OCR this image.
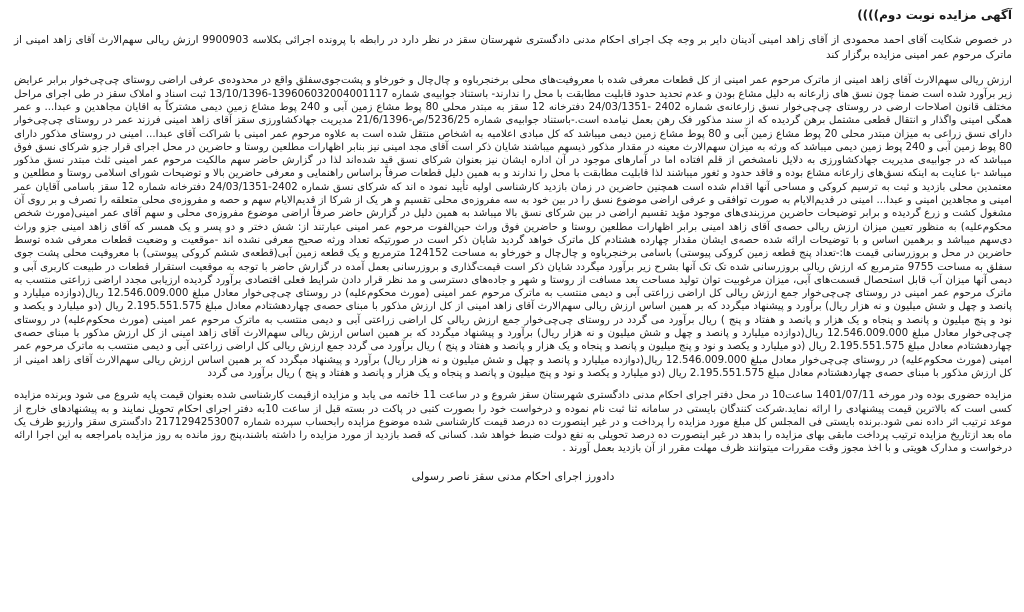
آگهی مزایده نوبت دوم))))

در خصوص شکایت آقای احمد محمودی از آقای زاهد امینی آدینان دایر بر وجه چک اجرای احکام مدنی دادگستری شهرستان سقز در نظر دارد در رابطه با پرونده اجرائی بکلاسه 9900903 ارزش ریالی سهم‌الارث آقای زاهد امینی از ماترک مرحوم عمر امینی مزایده برگزار کند

ارزش ریالی سهم‌الارث آقای زاهد امینی از ماترک مرحوم عمر امینی از کل قطعات معرفی شده با معروفیت‌های محلی برخنجرباوه و چال‌چال و خورخاو و پشت‌جوی‌سفلق واقع در محدوده‌ی عرفی اراضی روستای چی‌چی‌خوار برابر عرایض زیر برآورد شده است ضمنا چون نسق های زارعانه به دلیل مشاع بودن و عدم تحدید حدود قابلیت مطابقت با محل را ندارند- باستناد جوابیه‌ی شماره 139606032004001117-13/10/1396 ثبت اسناد و املاک سقز در طی اجرای مراحل مختلف قانون اصلاحات ارضی در روستای چی‌چی‌خوار نسق زارعانه‌ی شماره 2402 -24/03/1351 دفترخانه 12 سقز به مبتدر محلی 80 پوط مشاع زمین آبی و 240 پوط مشاع زمین دیمی مشترکاً به اقایان مجاهدین و عبدا... و عمر همگی امینی واگذار و انتقال قطعی مشتمل برهن گردیده که از سند مذکور فک رهن بعمل نیامده است.-باستناد جوابیه‌ی شماره 5236/25/ص-21/6/1396 مدیریت جهادکشاورزی سقز آقای زاهد امینی فرزند عمر در روستای چی‌چی‌خوار دارای نسق زراعی به میزان مبتدر محلی 20 پوط مشاع زمین آبی و 80 پوط مشاع زمین دیمی میباشد که کل مبادی اعلامیه به اشخاص منتقل شده است به علاوه مرحوم عمر امینی با شراکت آقای عبدا... امینی در روستای مذکور دارای 80 پوط زمین آبی و 240 پوط زمین دیمی میباشد که ورثه به میزان سهم‌الارث معینه در مقدار مذکور ذیسهم میباشند شایان ذکر است آقای مجد امینی نیز بنابر اظهارات مطلعین روستا و حاضرین در محل اجرای قرار جزو شرکای نسق فوق میباشد که در جوابیه‌ی مدیریت جهادکشاورزی به دلایل نامشخص از قلم افتاده اما در آمارهای موجود در آن اداره ایشان نیز بعنوان شرکای نسق قید شده‌اند لذا در گزارش حاضر سهم مالکیت مرحوم عمر امینی ثلث مبتدر نسق مذکور میباشد -با عنایت به اینکه نسق‌های زارعانه مشاع بوده و فاقد حدود و ثغور میباشند لذا قابلیت مطابقت با محل را ندارند و به همین دلیل قطعات صرفاً براساس راهنمایی و معرفی حاضرین بالا و توضیحات شورای اسلامی روستا و مطلعین و معتمدین محلی بازدید و ثبت به ترسیم کروکی و مساحی آنها اقدام شده است همچنین حاضرین در زمان بازدید کارشناسی اولیه تأیید نمود ه اند که شرکای نسق شماره 2402-24/03/1351 دفترخانه شماره 12 سقز باسامی آقایان عمر امینی و مجاهدین امینی و عبدا... امینی در قدیم‌الایام به صورت توافقی و عرفی اراضی موضوع نسق را در بین خود به سه مفروزه‌ی محلی تقسیم و هر یک از شرکا از قدیم‌الایام سهم و حصه و مفروزه‌ی محلی متعلقه را تصرف و بر روی آن مشغول کشت و زرع گردیده و برابر توضیحات حاضرین مرزبندی‌های موجود مؤید تقسیم اراضی در بین شرکای نسق بالا میباشد به همین دلیل در گزارش حاضر صرفاً اراضی موضوع مفروزه‌ی محلی و سهم آقای عمر امینی(مورث شخص محکوم‌علیه) به منظور تعیین میزان ارزش ریالی حصه‌ی آقای زاهد امینی برابر اظهارات مطلعین روستا و حاضرین فوق وراث حین‌الفوت مرحوم عمر امینی عبارتند از: شش دختر و دو پسر و یک همسر که آقای زاهد امینی جزو وراث دی‌سهم میباشد و برهمین اساس و با توضیحات ارائه شده حصه‌ی ایشان مقدار چهارده هشتادم کل ماترک خواهد گردید شایان ذکر است در صورتیکه تعداد ورثه صحیح معرفی نشده اند -موقعیت و وضعیت قطعات معرفی شده توسط حاضرین در محل و بروزرسانی قیمت ها:-تعداد پنج قطعه زمین کروکی پیوستی) باسامی برخنجرباوه و چال‌چال و خورخاو به مساحت 124152 مترمربع و یک قطعه زمین آبی(قطعه‌ی ششم کروکی پیوستی) با معروفیت محلی پشت جوی سفلق به مساحت 9755 مترمربع که ارزش ریالی بروزرسانی شده تک تک آنها بشرح زیر برآورد میگردد شایان ذکر است قیمت‌گذاری و بروزرسانی بعمل آمده در گزارش حاضر با توجه به موقعیت استقرار قطعات در طبیعت کاربری آبی و دیمی آنها میزان آب قابل استحصال قسمت‌های آبی، میزان مرغوبیت توان تولید مساحت بعد مسافت از روستا و شهر و جاده‌های دسترسی و مد نظر قرار دادن شرایط فعلی اقتصادی برآورد گردیده ارزیابی مجدد اراضی زراعتی منتسب به ماترک مرحوم عمر امینی در روستای چی‌چی‌خوار جمع ارزش ریالی کل اراضی زراعتی آبی و دیمی منتسب به ماترک مرحوم عمر امینی (مورث محکوم‌علیه) در روستای چی‌چی‌خوار معادل مبلغ 12.546.009.000 ریال(دوازده میلیارد و پانصد و چهل و شش میلیون و نه هزار ریال) برآورد و پیشنهاد میگردد که بر همین اساس ارزش ریالی سهم‌الارث آقای زاهد امینی از کل ارزش مذکور با مبنای حصه‌ی چهاردهشتادم معادل مبلغ 2.195.551.575 ریال (دو میلیارد و یکصد و نود و پنج میلیون و پانصد و پنجاه و یک هزار و پانصد و هفتاد و پنج ) ریال برآورد می گردد در روستای چی‌چی‌خوار جمع ارزش ریالی کل اراضی زراعتی آبی و دیمی منتسب به ماترک مرحوم عمر امینی (مورث محکوم‌علیه) در روستای چی‌چی‌خوار معادل مبلغ 12.546.009.000 ریال(دوازده میلیارد و پانصد و چهل و شش میلیون و نه هزار ریال) برآورد و پیشنهاد میگردد که بر همین اساس ارزش ریالی سهم‌الارث آقای زاهد امینی از کل ارزش مذکور با مبنای حصه‌ی چهاردهشتادم معادل مبلغ 2.195.551.575 ریال (دو میلیارد و یکصد و نود و پنج میلیون و پانصد و پنجاه و یک هزار و پانصد و هفتاد و پنج ) ریال برآورد می گردد جمع ارزش ریالی کل اراضی زراعتی آبی و دیمی منتسب به ماترک مرحوم عمر امینی (مورث محکوم‌علیه) در روستای چی‌چی‌خوار معادل مبلغ 12.546.009.000 ریال(دوازده میلیارد و پانصد و چهل و شش میلیون و نه هزار ریال) برآورد و پیشنهاد میگردد که بر همین اساس ارزش ریالی سهم‌الارث آقای زاهد امینی از کل ارزش مذکور با مبنای حصه‌ی چهاردهشتادم معادل مبلغ 2.195.551.575 ریال (دو میلیارد و یکصد و نود و پنج میلیون و پانصد و پنجاه و یک هزار و پانصد و هفتاد و پنج ) ریال برآورد می گردد

مزایده حضوری بوده ودر مورخه 1401/07/11 ساعت10 در محل دفتر اجرای احکام مدنی دادگستری شهرستان سقز شروع و در ساعت 11 خاتمه می یابد و مزایده ازقیمت کارشناسی شده بعنوان قیمت پایه شروع می شود وبرنده مزایده کسی است که بالاترین قیمت پیشنهادی را ارائه نماید.شرکت کنندگان بایستی در سامانه ثنا ثبت نام نموده و درخواست خود را بصورت کتبی در پاکت در بسته قبل از ساعت 10به دفتر اجرای احکام تحویل نمایند و به پیشنهادهای خارج از موعد ترتیب اثر داده نمی شود.برنده بایستی فی المجلس کل مبلغ مورد مزایده را پرداخت و در غیر اینصورت ده درصد قیمت کارشناسی شده موضوع مزایده رابحساب سپرده شماره 2171294253007 دادگستری سقز وارزیو ظرف یک ماه بعد ازتاریخ مزایده ترتیب پرداخت مابقی بهای مزایده را بدهد در غیر اینصورت ده درصد تحویلی به نفع دولت ضبط خواهد شد. کسانی که قصد بازدید از مورد مزایده را داشته باشند،پنج روز مانده به روز مزایده بامراجعه به این اجرا ارائه درخواست و مدارک هویتی و با اخذ مجوز وقت مقررات میتوانند ظرف مهلت مقرر از آن بازدید بعمل آورند .

دادورز اجرای احکام مدنی سقز ناصر رسولی
